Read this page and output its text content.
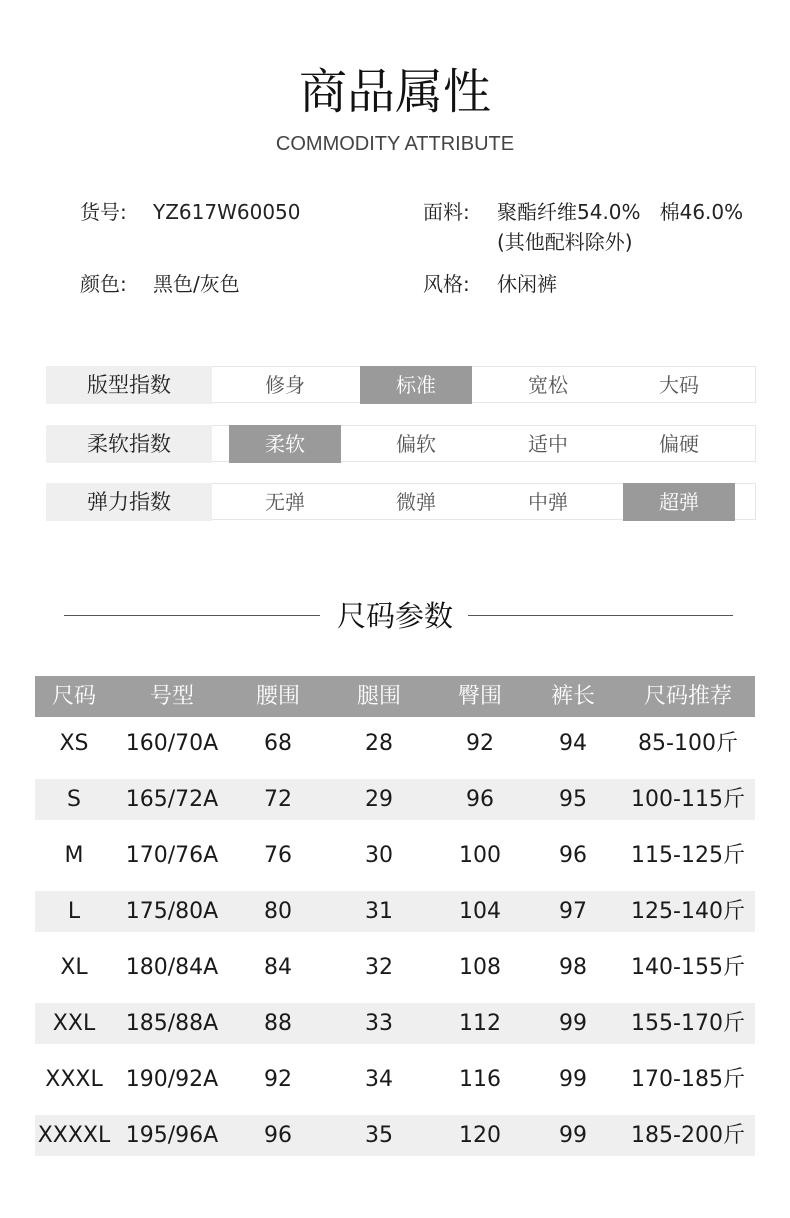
商品属性
COMMODITY ATTRIBUTE
货号: YZ617W60050	面料: 聚酯纤维54.0%   棉46.0%
(其他配料除外)
颜色: 黑色/灰色	风格: 休闲裤
版型指数	修身	标准	宽松	大码
柔软指数	柔软	偏软	适中	偏硬
弹力指数	无弹	微弹	中弹	超弹
尺码参数
尺码	号型	腰围	腿围	臀围	裤长	尺码推荐
XS	160/70A	68	28	92	94	85-100斤
S	165/72A	72	29	96	95	100-115斤
M	170/76A	76	30	100	96	115-125斤
L	175/80A	80	31	104	97	125-140斤
XL	180/84A	84	32	108	98	140-155斤
XXL	185/88A	88	33	112	99	155-170斤
XXXL	190/92A	92	34	116	99	170-185斤
XXXXL 195/96A	96	35	120	99	185-200斤
